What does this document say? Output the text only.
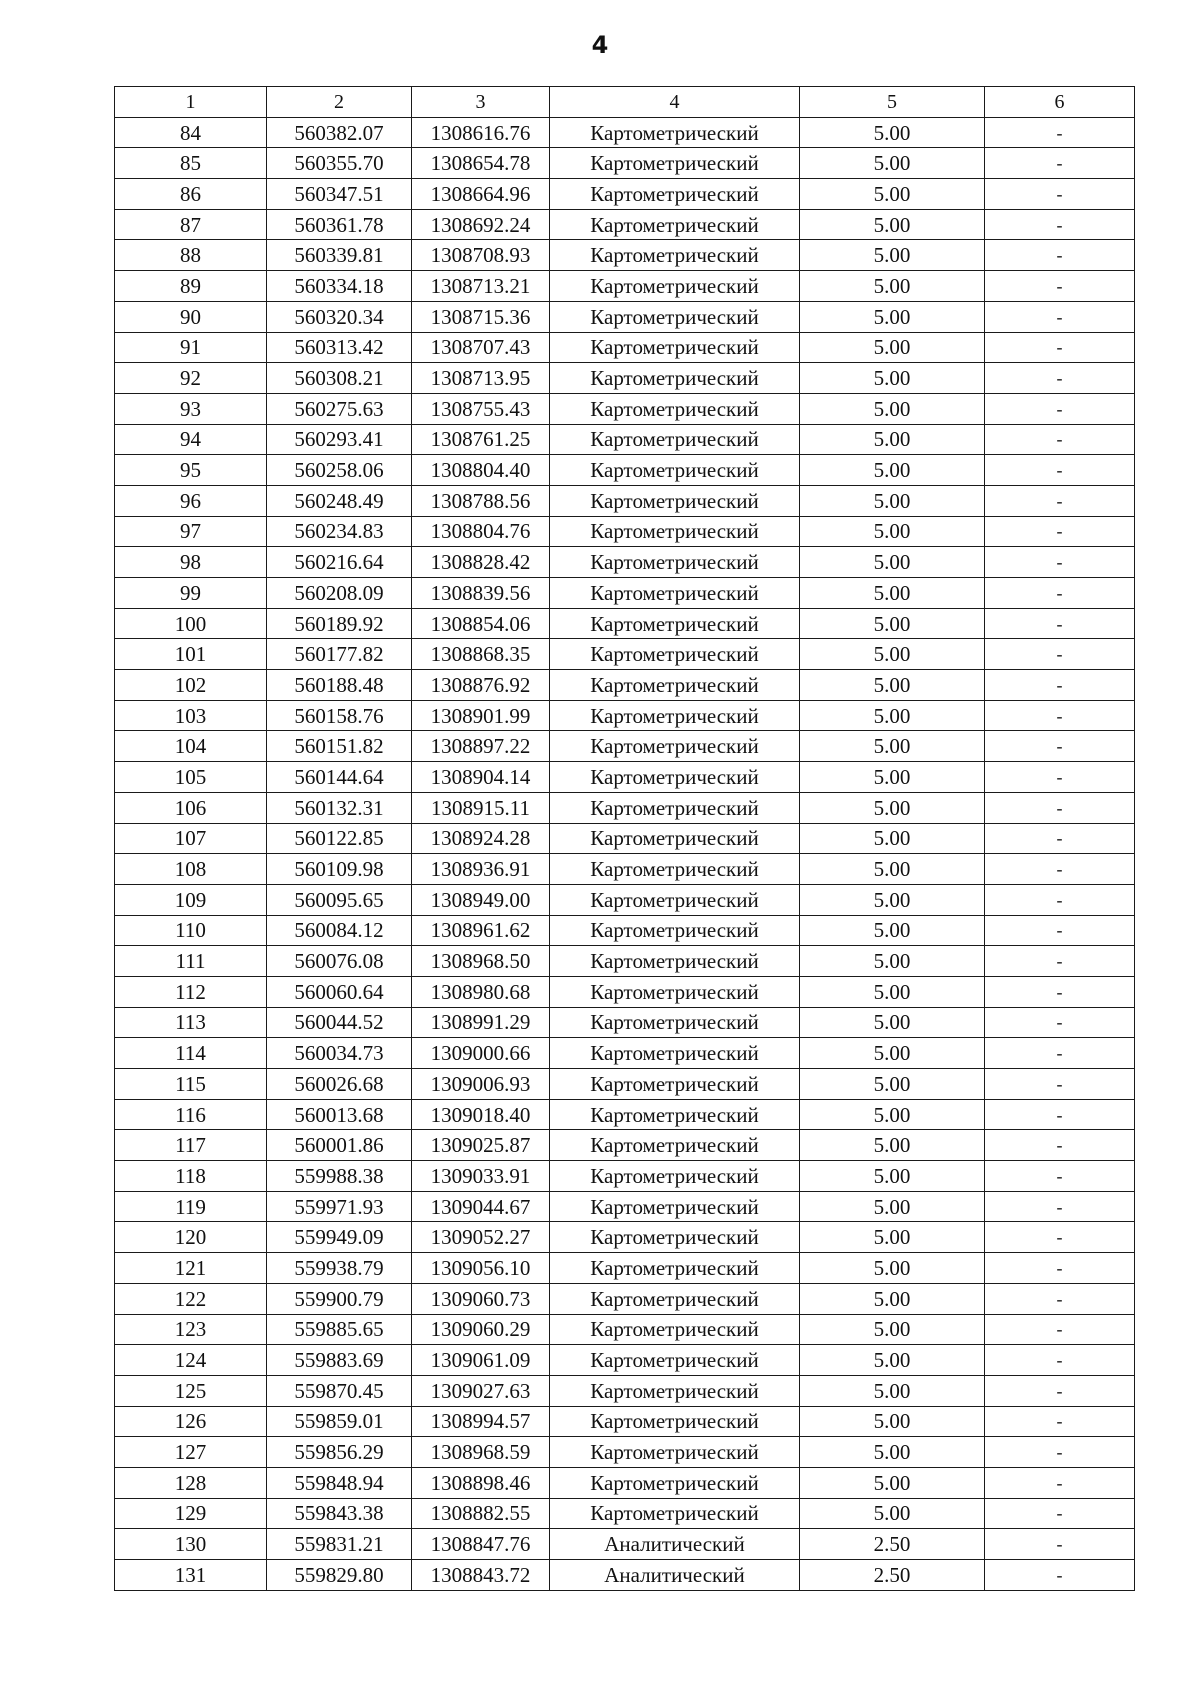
4
1	2	3	4	5	6
84	560382.07	1308616.76	Картометрический	5.00	-
85	560355.70	1308654.78	Картометрический	5.00	-
86	560347.51	1308664.96	Картометрический	5.00	-
87	560361.78	1308692.24	Картометрический	5.00	-
88	560339.81	1308708.93	Картометрический	5.00	-
89	560334.18	1308713.21	Картометрический	5.00	-
90	560320.34	1308715.36	Картометрический	5.00	-
91	560313.42	1308707.43	Картометрический	5.00	-
92	560308.21	1308713.95	Картометрический	5.00	-
93	560275.63	1308755.43	Картометрический	5.00	-
94	560293.41	1308761.25	Картометрический	5.00	-
95	560258.06	1308804.40	Картометрический	5.00	-
96	560248.49	1308788.56	Картометрический	5.00	-
97	560234.83	1308804.76	Картометрический	5.00	-
98	560216.64	1308828.42	Картометрический	5.00	-
99	560208.09	1308839.56	Картометрический	5.00	-
100	560189.92	1308854.06	Картометрический	5.00	-
101	560177.82	1308868.35	Картометрический	5.00	-
102	560188.48	1308876.92	Картометрический	5.00	-
103	560158.76	1308901.99	Картометрический	5.00	-
104	560151.82	1308897.22	Картометрический	5.00	-
105	560144.64	1308904.14	Картометрический	5.00	-
106	560132.31	1308915.11	Картометрический	5.00	-
107	560122.85	1308924.28	Картометрический	5.00	-
108	560109.98	1308936.91	Картометрический	5.00	-
109	560095.65	1308949.00	Картометрический	5.00	-
110	560084.12	1308961.62	Картометрический	5.00	-
111	560076.08	1308968.50	Картометрический	5.00	-
112	560060.64	1308980.68	Картометрический	5.00	-
113	560044.52	1308991.29	Картометрический	5.00	-
114	560034.73	1309000.66	Картометрический	5.00	-
115	560026.68	1309006.93	Картометрический	5.00	-
116	560013.68	1309018.40	Картометрический	5.00	-
117	560001.86	1309025.87	Картометрический	5.00	-
118	559988.38	1309033.91	Картометрический	5.00	-
119	559971.93	1309044.67	Картометрический	5.00	-
120	559949.09	1309052.27	Картометрический	5.00	-
121	559938.79	1309056.10	Картометрический	5.00	-
122	559900.79	1309060.73	Картометрический	5.00	-
123	559885.65	1309060.29	Картометрический	5.00	-
124	559883.69	1309061.09	Картометрический	5.00	-
125	559870.45	1309027.63	Картометрический	5.00	-
126	559859.01	1308994.57	Картометрический	5.00	-
127	559856.29	1308968.59	Картометрический	5.00	-
128	559848.94	1308898.46	Картометрический	5.00	-
129	559843.38	1308882.55	Картометрический	5.00	-
130	559831.21	1308847.76	Аналитический	2.50	-
131	559829.80	1308843.72	Аналитический	2.50	-
